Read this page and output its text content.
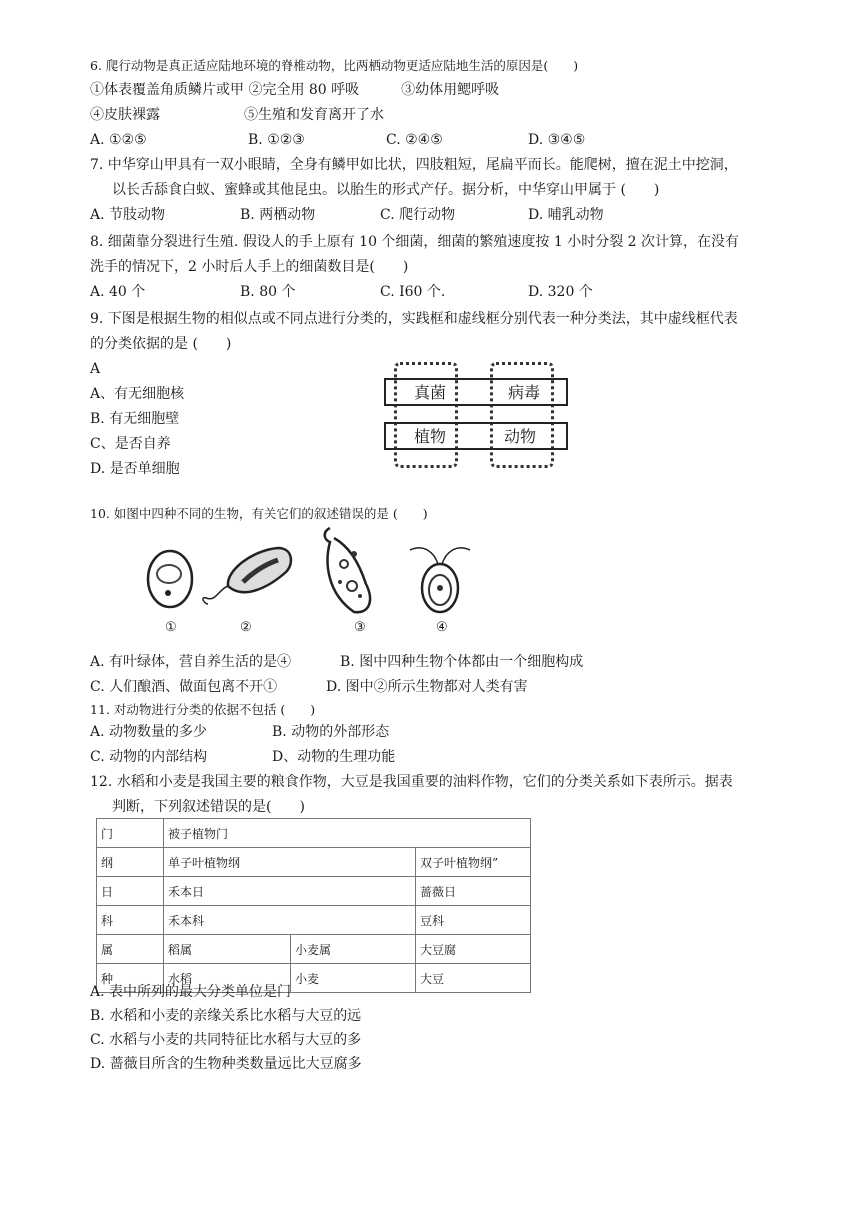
6. 爬行动物是真正适应陆地环境的脊椎动物，比两栖动物更适应陆地生活的原因是(　　)
①体表覆盖角质鳞片或甲 ②完全用 80 呼吸　　　③幼体用鳃呼吸
④皮肤裸露　　　　　　⑤生殖和发育离开了水
A. ①②⑤	B. ①②③	C. ②④⑤	D. ③④⑤
7. 中华穿山甲具有一双小眼睛，全身有鳞甲如比状，四肢粗短，尾扁平而长。能爬树，擅在泥土中挖洞，
以长舌舔食白蚁、蜜蜂或其他昆虫。以胎生的形式产仔。据分析，中华穿山甲属于 (　　)
A. 节肢动物	B. 两栖动物	C. 爬行动物	D. 哺乳动物
8. 细菌靠分裂进行生殖. 假设人的手上原有 10 个细菌，细菌的繁殖速度按 1 小时分裂 2 次计算，在没有
洗手的情况下，2 小时后人手上的细菌数目是(　　)
A. 40 个	B. 80 个	C. I60 个.	D. 320 个
9. 下图是根据生物的相似点或不同点进行分类的，实践框和虚线框分别代表一种分类法，其中虚线框代表
的分类依据的是 (　　)
A
A、有无细胞核
B. 有无细胞壁
C、是否自养
D. 是否单细胞
真菌	病毒
植物	动物
10. 如图中四种不同的生物，有关它们的叙述错误的是 (　　)
①	②	③	④
A. 有叶绿体，营自养生活的是④	B. 图中四种生物个体都由一个细胞构成
C. 人们酿酒、做面包离不开①	D. 图中②所示生物都对人类有害
11. 对动物进行分类的依据不包括 (　　)
A. 动物数量的多少	B. 动物的外部形态
C. 动物的内部结构	D、动物的生理功能
12. 水稻和小麦是我国主要的粮食作物，大豆是我国重要的油料作物，它们的分类关系如下表所示。据表
判断，下列叙述错误的是(　　)
门	被子植物门		
纲	单子叶植物纲		双子叶植物纲”
日	禾本日		蔷薇日
科	禾本科		豆科
属	稻属	小麦属	大豆腐
种	水稻	小麦	大豆
A. 表中所列的最大分类单位是门
B. 水稻和小麦的亲缘关系比水稻与大豆的远
C. 水稻与小麦的共同特征比水稻与大豆的多
D. 蔷薇目所含的生物种类数量远比大豆腐多
